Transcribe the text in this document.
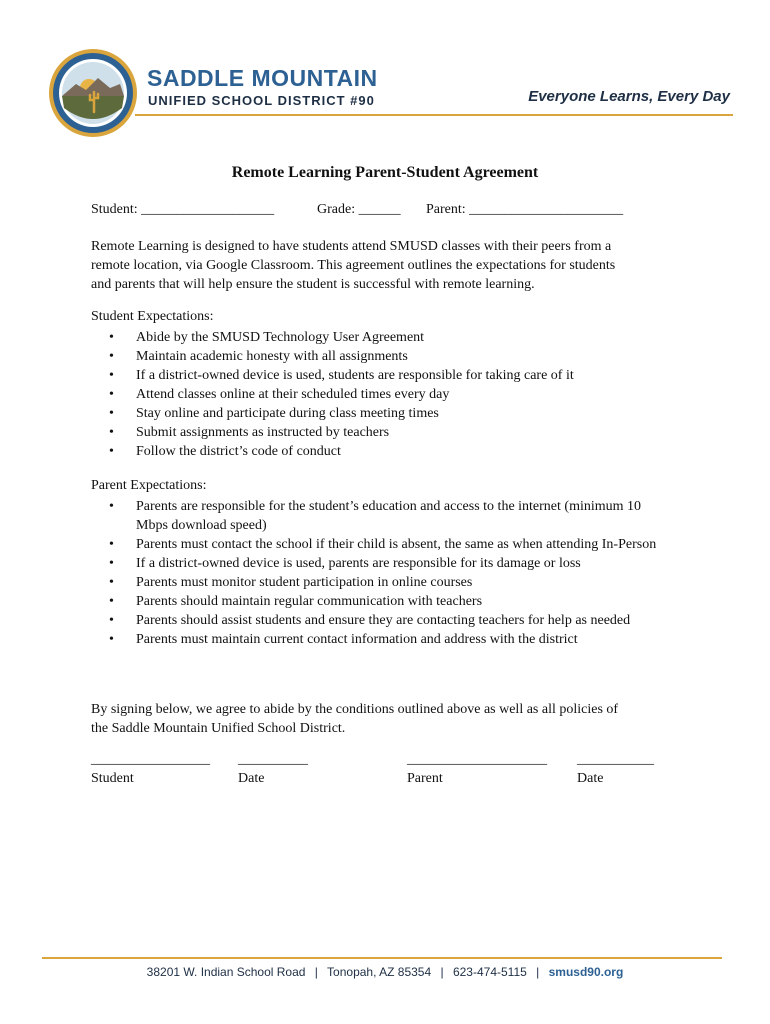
SADDLE MOUNTAIN
UNIFIED SCHOOL DISTRICT #90	Everyone Learns, Every Day
Remote Learning Parent-Student Agreement
Student: ___________________	Grade: ______ Parent: ______________________
Remote Learning is designed to have students attend SMUSD classes with their peers from a
remote location, via Google Classroom. This agreement outlines the expectations for students
and parents that will help ensure the student is successful with remote learning.
Student Expectations:
• Abide by the SMUSD Technology User Agreement
• Maintain academic honesty with all assignments
• If a district-owned device is used, students are responsible for taking care of it
• Attend classes online at their scheduled times every day
• Stay online and participate during class meeting times
• Submit assignments as instructed by teachers
• Follow the district’s code of conduct
Parent Expectations:
• Parents are responsible for the student’s education and access to the internet (minimum 10 Mbps download speed)
• Parents must contact the school if their child is absent, the same as when attending In-Person
• If a district-owned device is used, parents are responsible for its damage or loss
• Parents must monitor student participation in online courses
• Parents should maintain regular communication with teachers
• Parents should assist students and ensure they are contacting teachers for help as needed
• Parents must maintain current contact information and address with the district
By signing below, we agree to abide by the conditions outlined above as well as all policies of
the Saddle Mountain Unified School District.
_________________ __________	____________________ ___________
Student	Date	Parent	Date
38201 W. Indian School Road | Tonopah, AZ 85354 | 623-474-5115 | smusd90.org
